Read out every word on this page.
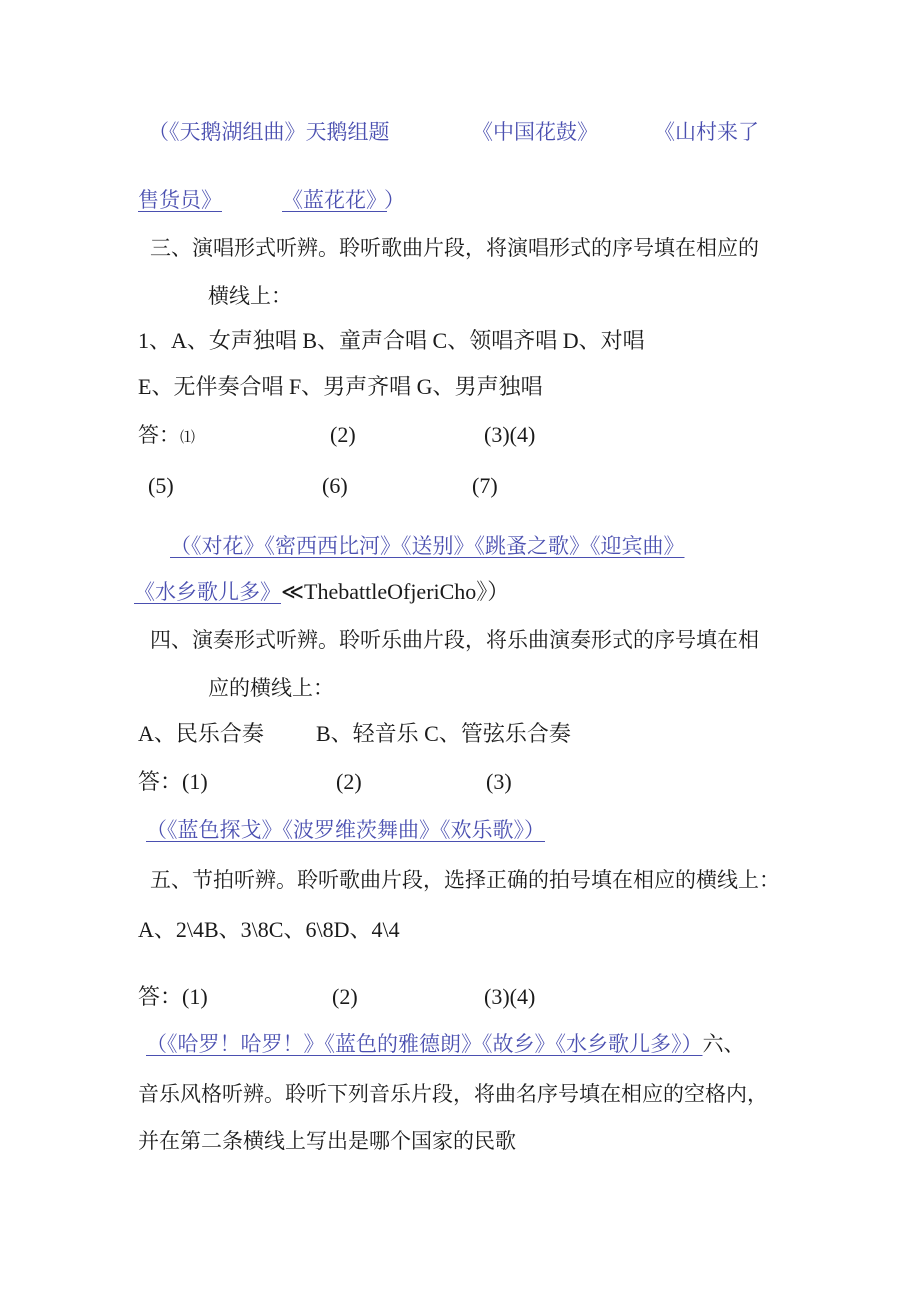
（《天鹅湖组曲》天鹅组题	《中国花鼓》	《山村来了
售货员》	《蓝花花》
）
三、演唱形式听辨。聆听歌曲片段，将演唱形式的序号填在相应的
横线上：
1、A、女声独唱 B、童声合唱 C、领唱齐唱 D、对唱
E、无伴奏合唱 F、男声齐唱 G、男声独唱
答：⑴	(2)	(3)(4)
(5)	(6)	(7)
（《对花》《密西西比河》《送别》《跳蚤之歌》《迎宾曲》
《水乡歌儿多》≪ThebattleOfjeriCho》）
四、演奏形式听辨。聆听乐曲片段，将乐曲演奏形式的序号填在相
应的横线上：
A、民乐合奏 B、轻音乐 C、管弦乐合奏
答：(1)	(2)	(3)
（《蓝色探戈》《波罗维茨舞曲》《欢乐歌》）
五、节拍听辨。聆听歌曲片段，选择正确的拍号填在相应的横线上：
A、2\4B、3\8C、6\8D、4\4
答：(1)	(2)	(3)(4)
（《哈罗！哈罗！》《蓝色的雅德朗》《故乡》《水乡歌儿多》）六、
音乐风格听辨。聆听下列音乐片段，将曲名序号填在相应的空格内，
并在第二条横线上写出是哪个国家的民歌
